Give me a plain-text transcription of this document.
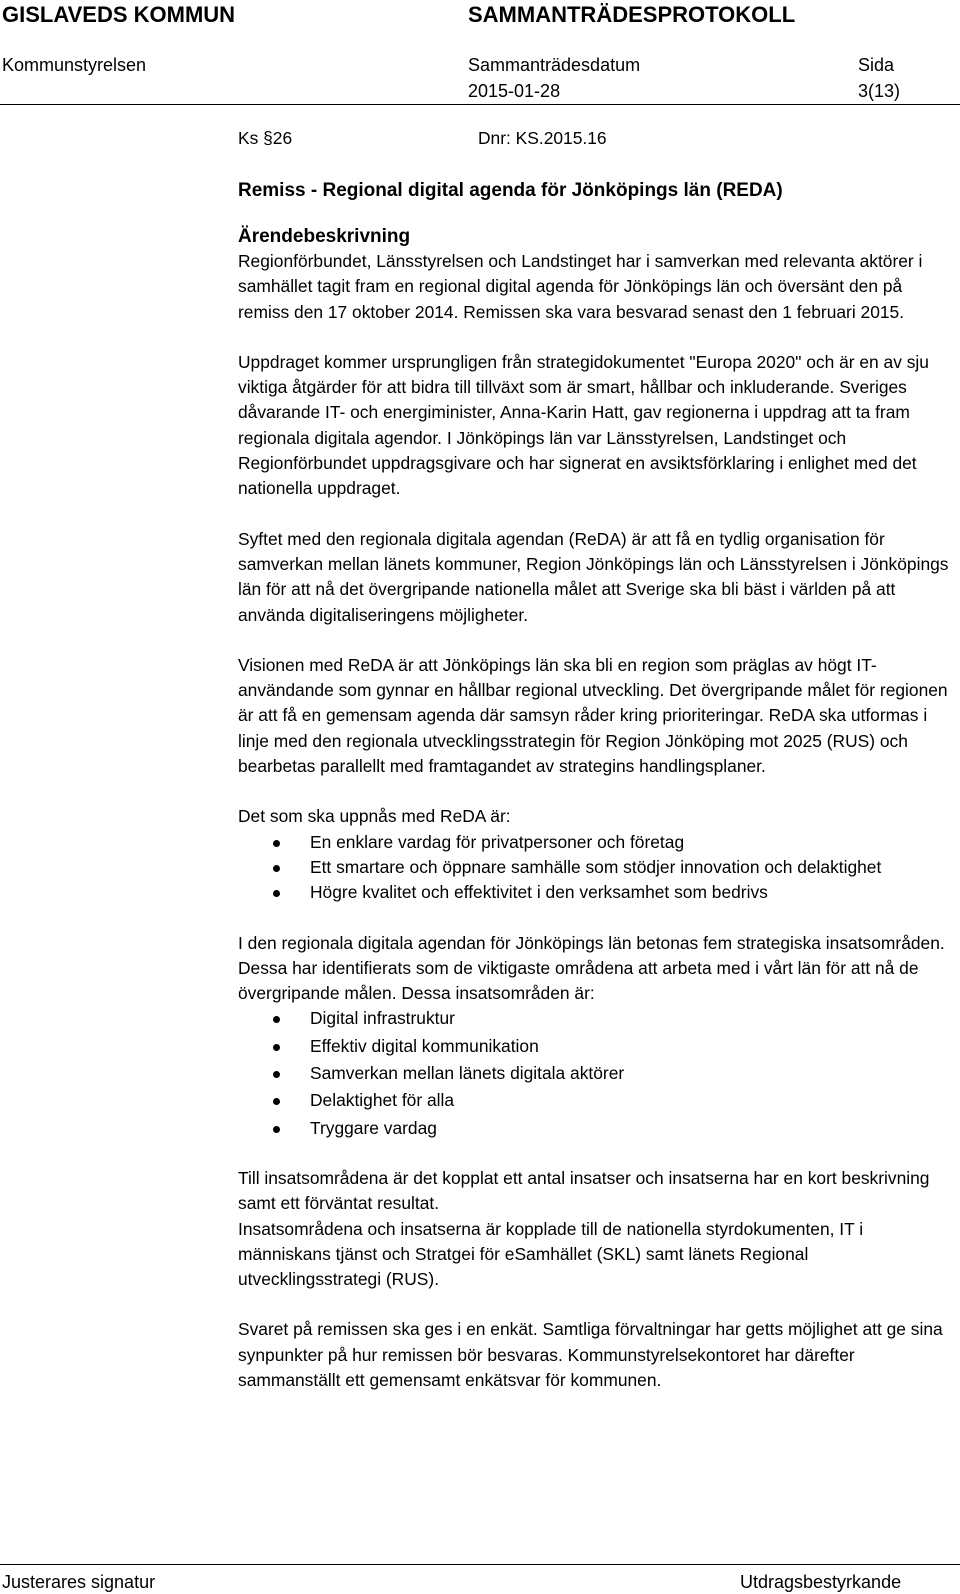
GISLAVEDS KOMMUN	SAMMANTRÄDESPROTOKOLL
Kommunstyrelsen	Sammanträdesdatum	Sida
2015-01-28	3(13)
Ks §26	Dnr: KS.2015.16
Remiss - Regional digital agenda för Jönköpings län (REDA)
Ärendebeskrivning

Regionförbundet, Länsstyrelsen och Landstinget har i samverkan med relevanta aktörer i samhället tagit fram en regional digital agenda för Jönköpings län och översänt den på remiss den 17 oktober 2014. Remissen ska vara besvarad senast den 1 februari 2015.

Uppdraget kommer ursprungligen från strategidokumentet "Europa 2020" och är en av sju viktiga åtgärder för att bidra till tillväxt som är smart, hållbar och inkluderande. Sveriges dåvarande IT- och energiminister, Anna-Karin Hatt, gav regionerna i uppdrag att ta fram regionala digitala agendor. I Jönköpings län var Länsstyrelsen, Landstinget och Regionförbundet uppdragsgivare och har signerat en avsiktsförklaring i enlighet med det nationella uppdraget.

Syftet med den regionala digitala agendan (ReDA) är att få en tydlig organisation för samverkan mellan länets kommuner, Region Jönköpings län och Länsstyrelsen i Jönköpings län för att nå det övergripande nationella målet att Sverige ska bli bäst i världen på att använda digitaliseringens möjligheter.

Visionen med ReDA är att Jönköpings län ska bli en region som präglas av högt IT-användande som gynnar en hållbar regional utveckling. Det övergripande målet för regionen är att få en gemensam agenda där samsyn råder kring prioriteringar. ReDA ska utformas i linje med den regionala utvecklingsstrategin för Region Jönköping mot 2025 (RUS) och bearbetas parallellt med framtagandet av strategins handlingsplaner.

Det som ska uppnås med ReDA är:

En enklare vardag för privatpersoner och företag
Ett smartare och öppnare samhälle som stödjer innovation och delaktighet
Högre kvalitet och effektivitet i den verksamhet som bedrivs

I den regionala digitala agendan för Jönköpings län betonas fem strategiska insatsområden. Dessa har identifierats som de viktigaste områdena att arbeta med i vårt län för att nå de övergripande målen. Dessa insatsområden är:

Digital infrastruktur
Effektiv digital kommunikation
Samverkan mellan länets digitala aktörer
Delaktighet för alla
Tryggare vardag

Till insatsområdena är det kopplat ett antal insatser och insatserna har en kort beskrivning samt ett förväntat resultat.

Insatsområdena och insatserna är kopplade till de nationella styrdokumenten, IT i människans tjänst och Stratgei för eSamhället (SKL) samt länets Regional utvecklingsstrategi (RUS).

Svaret på remissen ska ges i en enkät. Samtliga förvaltningar har getts möjlighet att ge sina synpunkter på hur remissen bör besvaras. Kommunstyrelsekontoret har därefter sammanställt ett gemensamt enkätsvar för kommunen.

Justerares signatur	Utdragsbestyrkande
